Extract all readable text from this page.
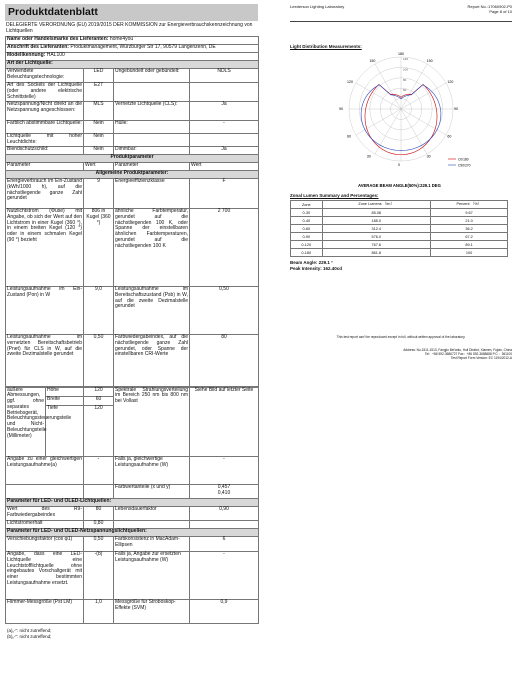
Produktdatenblatt
DELEGIERTE VERORDNUNG (EU) 2019/2015 DER KOMMISSION zur Energieverbrauchskennzeichnung von Lichtquellen
Name oder Handelsmarke des Lieferanten: home4you			
Anschrift des Lieferanten: Produktmanagement, Würzburger Str 17, 90579 Langenzenn, DE			
Modellkennung: HAL100			
Art der Lichtquelle:			
Verwendete Beleuchtungstechnologie:	LED	Ungebündelt oder gebündelt:	NDLS
Art des Sockels der Lichtquelle (oder andere elektrische Schnittstelle)	E27		
Netzspannung/Nicht direkt an die Netzspannung angeschlossen:	MLS	Vernetzte Lichtquelle (CLS):	Ja
Farblich abstimmbare Lichtquelle:	Nein	Hülle:	-
Lichtquelle mit hoher Leuchtdichte:	Nein		
Blendschutzschild:	Nein	Dimmbar:	Ja
Produktparameter			
Parameter	Wert	Parameter	Wert
Allgemeine Produktparameter:			
Energieverbrauch im Ein-Zustand (kWh/1000 h), auf die nächstliegende ganze Zahl gerundet	9	Energieeffizienzklasse	F
Nutzlichtstrom (Φuse) mit Angabe, ob sich der Wert auf den Lichtstrom in einer Kugel (360 °), in einem breiten Kegel (120 °) oder in einem schmalen Kegel (90 °) bezieht	806 in Kugel (360 °)	ähnliche Farbtemperatur, gerundet auf die nächstliegenden 100 K, oder Spanne der einstellbaren ähnlichen Farbtemperaturen, gerundet auf die nächstliegenden 100 K	2 700
Leistungsaufnahme im Ein-Zustand (Pon) in W	9,0	Leistungsaufnahme im Bereitschaftszustand (Psb) in W, auf die zweite Dezimalstelle gerundet	0,50
Leistungsaufnahme im vernetzten Bereitschaftsbetrieb (Pnet) für CLS in W, auf die zweite Dezimalstelle gerundet	0,50	Farbwiedergabeindex, auf die nächstliegende ganze Zahl gerundet, oder Spanne der einstellbaren CRI-Werte	80
äußere Abmessungen, ggf. ohne separates Betriebsgerät, Beleuchtungssteuerungsteile und Nicht-Beleuchtungsteile (Millimeter)	Höhe	120	Spektrale Strahlungsverteilung im Bereich 250 nm bis 800 nm bei Vollast	Siehe Bild auf letzter Seite
	Breite	60		
	Tiefe	120		
Angabe zu einer gleichwertigen Leistungsaufnahme(a)	-	Falls ja, gleichwertige Leistungsaufnahme (W)	-
		Farbwertanteile (x und y)	0,457
0,410
Parameter für LED- und OLED-Lichtquellen:			
Wert des R9-Farbwiedergabeindex	80	Lebensdauerfaktor	0,90
Lichtstromerhalt	0,80		
Parameter für LED- und OLED-Netzspannungslichtquellen:			
Verschiebungsfaktor (cos φ1)	0,50	Farbkonsistenz in MacAdam-Ellipsen	6
Angabe, dass eine LED-Lichtquelle eine Leuchtstofflichtquelle ohne eingebautes Vorschaltgerät mit einer bestimmten Leistungsaufnahme ersetzt.	-(b)	Falls ja, Angabe zur ersetzten Leistungsaufnahme (W)	-
Flimmer-Messgröße (Pst LM)	1,0	Messgröße für Stroboskop-Effekte (SVM)	0,9
(a)„-“: nicht zutreffend;
(b)„-“: nicht zutreffend;
Leederson Lighting Laboratory	Report No.:17060902-P0
Page 8 of 10
Light Distribution Measurements:
180
150
120
90
60
30
0
150
120
90
60
30
60
80
100
120
AVERAGE BEAM ANGLE(50%):229.1 DEG
C0/180
C90/270
Zonal Lumen Summary and Percentages:
Zone	Zone Lumens （lm）	Percent （%）
0-30	85.08	9.67
0-40	185.0	21.0
0-60	312.4	36.2
0-90	576.0	67.2
0-120	767.6	89.1
0-180	861.8	100
Beam Angle: 229.1 °
Peak Intensity: 162.40cd
This test report can't be reproduced except in full, without written approval of the laboratory.
Address: No.1511-1513, Fangjiu Bei'anlu, Huli District, Xiamen, Fujian, China
Tel：+86 592-3686727 Fax：+86 592-3688688 P.C.：361100
Test Report Form Version: EC 1194/2012-A
